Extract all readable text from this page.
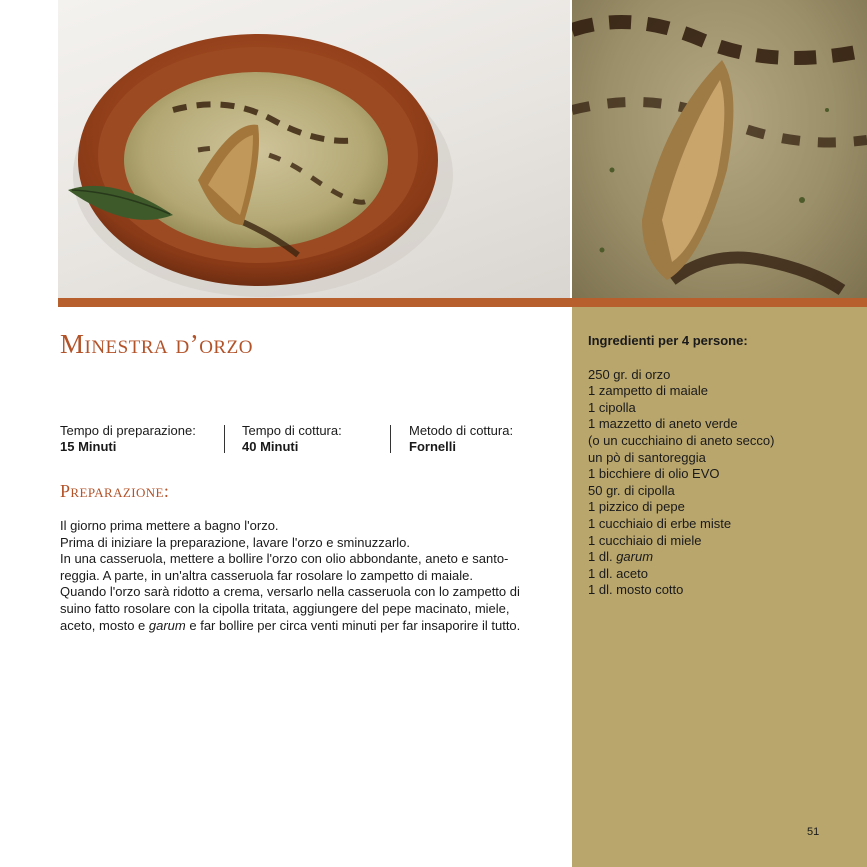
Minestra d’orzo
Tempo di preparazione:
15 Minuti
Tempo di cottura:
40 Minuti
Metodo di cottura:
Fornelli
Preparazione:

Il giorno prima mettere a bagno l'orzo.

Prima di iniziare la preparazione, lavare l'orzo e sminuzzarlo.

In una casseruola, mettere a bollire l'orzo con olio abbondante, aneto e santo-

reggia. A parte, in un'altra casseruola far rosolare lo zampetto di maiale.

Quando l'orzo sarà ridotto a crema, versarlo nella casseruola con lo zampetto di

suino fatto rosolare con la cipolla tritata, aggiungere del pepe macinato, miele,

aceto, mosto e garum e far bollire per circa venti minuti per far insaporire il tutto.

Ingredienti per 4 persone:
250 gr. di orzo
1 zampetto di maiale
1 cipolla
1 mazzetto di aneto verde
(o un cucchiaino di aneto secco)
un pò di santoreggia
1 bicchiere di olio EVO
50 gr. di cipolla
1 pizzico di pepe
1 cucchiaio di erbe miste
1 cucchiaio di miele
1 dl. garum
1 dl. aceto
1 dl. mosto cotto
51
